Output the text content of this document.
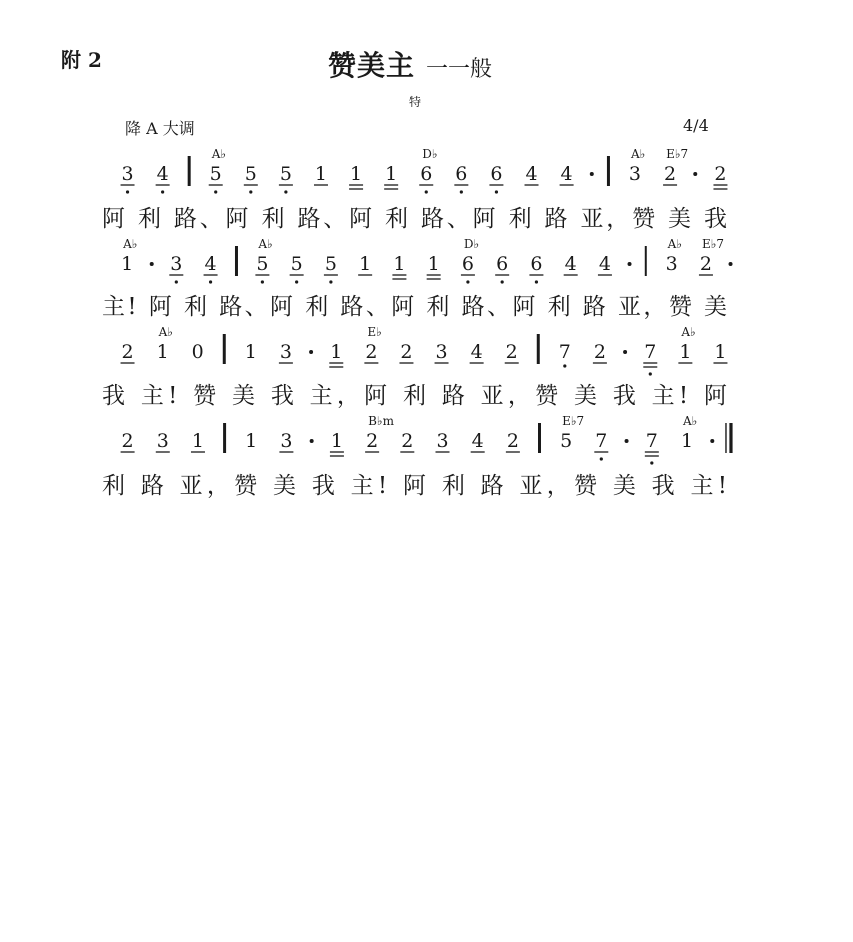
附 2	赞美主 一一般
特
降 A 大调	4/4
3 4 5
A♭
5 5 1 1 1 6
D♭
6 6 4 4	3
A♭
2
E♭7
2
阿 利 路、阿 利 路、阿 利 路、阿 利 路 亚，赞 美 我
1
A♭
3 4 5
A♭
5 5 1 1 1 6
D♭
6 6 4 4	3
A♭
2
E♭7
主! 阿 利 路、阿 利 路、阿 利 路、阿 利 路 亚，赞 美
2 1
A♭
0 1 3 1 2
E♭
2 3 4 2 7 2 7 1
A♭
1
我 主! 赞 美 我 主，阿 利 路 亚，赞 美 我 主! 阿
2 3 1 1 3 1 2
B♭m
2 3 4 2 5
E♭7
7 7 1
A♭
利 路 亚，赞 美 我 主! 阿 利 路 亚，赞 美 我 主!
